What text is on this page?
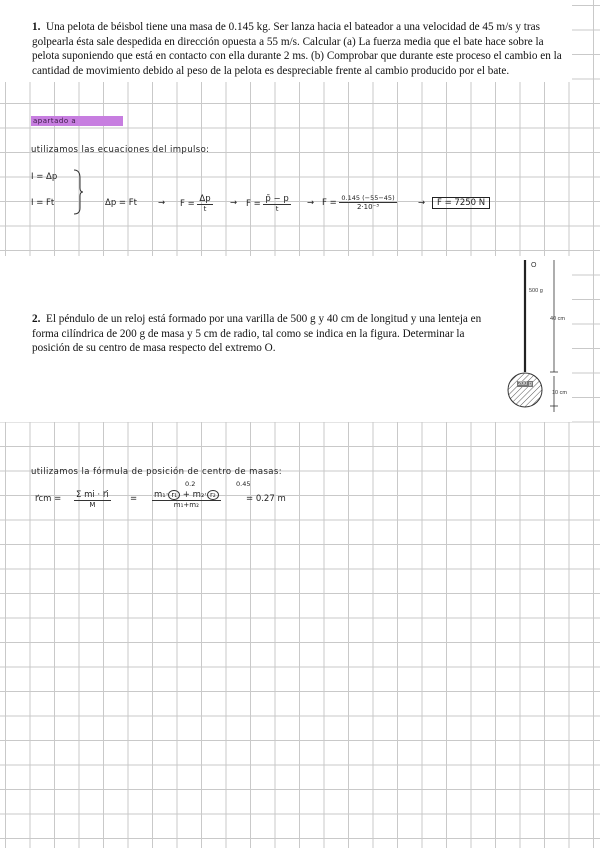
1. Una pelota de béisbol tiene una masa de 0.145 kg. Ser lanza hacia el bateador a una velocidad de 45 m/s y tras golpearla ésta sale despedida en dirección opuesta a 55 m/s. Calcular (a) La fuerza media que el bate hace sobre la pelota suponiendo que está en contacto con ella durante 2 ms. (b) Comprobar que durante este proceso el cambio en la cantidad de movimiento debido al peso de la pelota es despreciable frente al cambio producido por el bate.

apartado a
utilizamos las ecuaciones del impulso:
I = Δp
I = Ft	$\Delta p = Ft \to F = \frac{\Delta p}{t} \to F = \frac{p̄ - p}{t} \to F = \frac{0.145 (-55-45)}{\text{2·10⁻³}}$	→	F = 7250 N

2. El péndulo de un reloj está formado por una varilla de 500 g y 40 cm de longitud y una lenteja en forma cilíndrica de 200 g de masa y 5 cm de radio, tal como se indica en la figura. Determinar la posición de su centro de masa respecto del extremo O.

O
500 g
40 cm
200 g
10 cm
utilizamos la fórmula de posición de centro de masas:
r⃗cm = $\frac{\text{Σ mi · r⃗i}}{M}$ =
0.2	0.45
$\frac{\text{m₁· r₁ + m₂· r₂}}{\text{m₁+m₂}}$	= 0.27 m
